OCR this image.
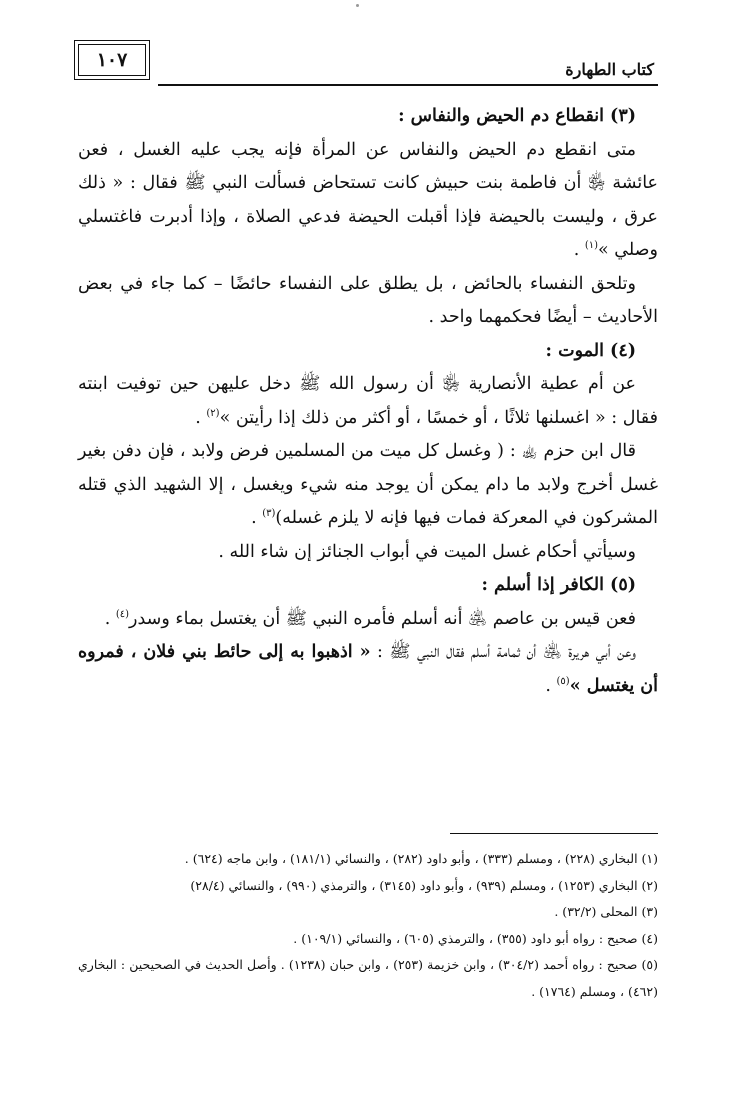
١٠٧	كتاب الطهارة

(٣) انقطاع دم الحيض والنفاس :

متى انقطع دم الحيض والنفاس عن المرأة فإنه يجب عليه الغسل ، فعن عائشة ﵂ أن فاطمة بنت حبيش كانت تستحاض فسألت النبي ﷺ فقال : « ذلك عرق ، وليست بالحيضة فإذا أقبلت الحيضة فدعي الصلاة ، وإذا أدبرت فاغتسلي وصلي »$^{(١)}$ .

وتلحق النفساء بالحائض ، بل يطلق على النفساء حائضًا – كما جاء في بعض الأحاديث – أيضًا فحكمهما واحد .

(٤) الموت :

عن أم عطية الأنصارية ﵂ أن رسول الله ﷺ دخل عليهن حين توفيت ابنته فقال : « اغسلنها ثلاثًا ، أو خمسًا ، أو أكثر من ذلك إذا رأيتن »$^{(٢)}$ .

قال ابن حزم ﵀ : ( وغسل كل ميت من المسلمين فرض ولابد ، فإن دفن بغير غسل أخرج ولابد ما دام يمكن أن يوجد منه شيء ويغسل ، إلا الشهيد الذي قتله المشركون في المعركة فمات فيها فإنه لا يلزم غسله)$^{(٣)}$ .

وسيأتي أحكام غسل الميت في أبواب الجنائز إن شاء الله .

(٥) الكافر إذا أسلم :

فعن قيس بن عاصم ﵁ أنه أسلم فأمره النبي ﷺ أن يغتسل بماء وسدر$^{(٤)}$ .

وعن أبي هريرة ﵁ أن ثمامة أسلم فقال النبي ﷺ : « اذهبوا به إلى حائط بني فلان ، فمروه أن يغتسل »$^{(٥)}$ .

(١) البخاري (٢٢٨) ، ومسلم (٣٣٣) ، وأبو داود (٢٨٢) ، والنسائي (١٨١/١) ، وابن ماجه (٦٢٤) .
(٢) البخاري (١٢٥٣) ، ومسلم (٩٣٩) ، وأبو داود (٣١٤٥) ، والترمذي (٩٩٠) ، والنسائي (٢٨/٤)
(٣) المحلى (٣٢/٢) .
(٤) صحيح : رواه أبو داود (٣٥٥) ، والترمذي (٦٠٥) ، والنسائي (١٠٩/١) .
(٥) صحيح : رواه أحمد (٣٠٤/٢) ، وابن خزيمة (٢٥٣) ، وابن حبان (١٢٣٨) . وأصل الحديث في الصحيحين : البخاري (٤٦٢) ، ومسلم (١٧٦٤) .
